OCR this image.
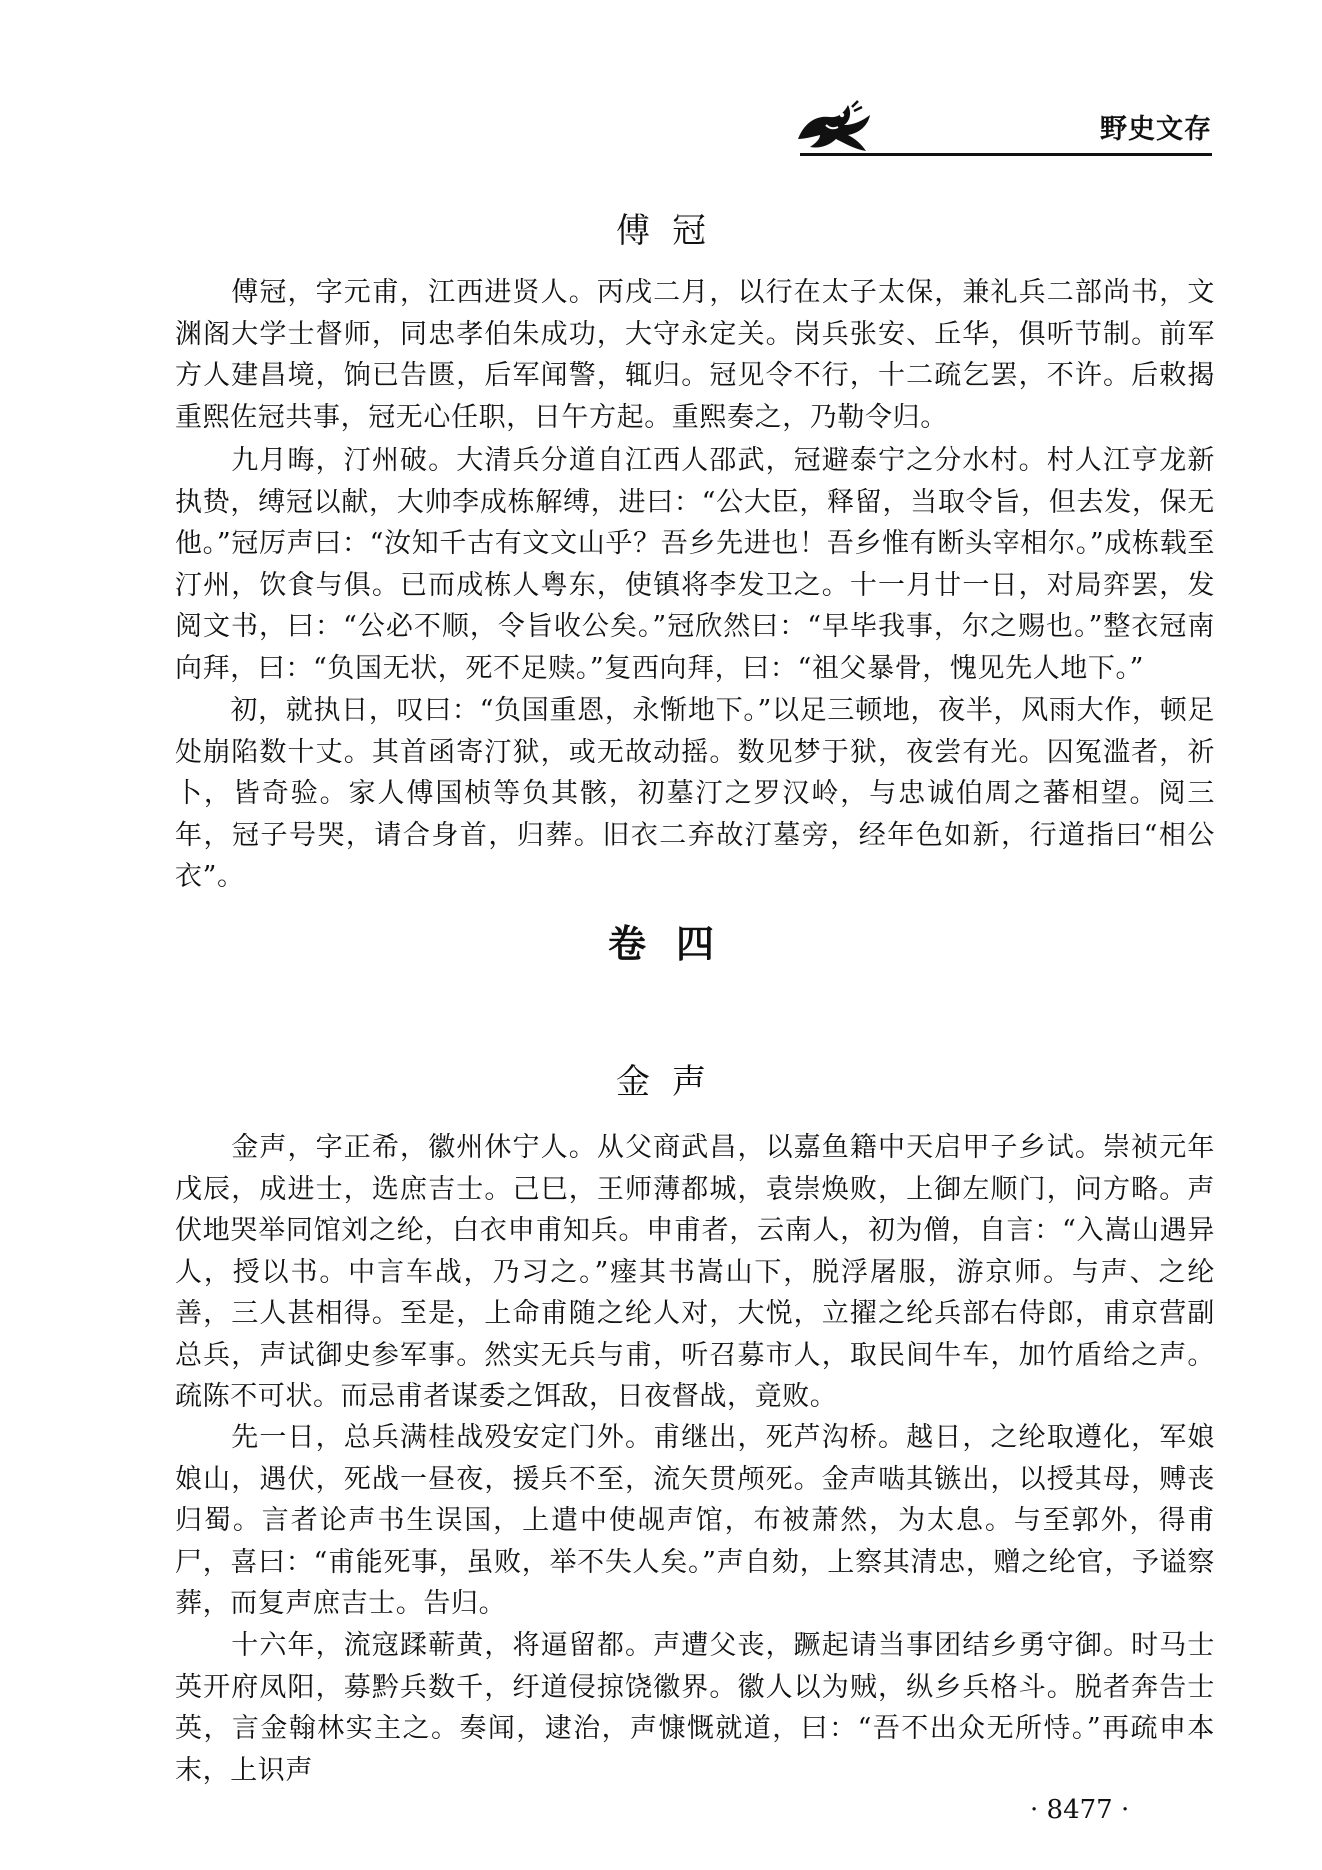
野史文存
傅冠

　　傅冠，字元甫，江西进贤人。丙戌二月，以行在太子太保，兼礼兵二部尚书，文渊阁大学士督师，同忠孝伯朱成功，大守永定关。岗兵张安、丘华，俱听节制。前军方人建昌境，饷已告匮，后军闻警，辄归。冠见令不行，十二疏乞罢，不许。后敕揭重熙佐冠共事，冠无心任职，日午方起。重熙奏之，乃勒令归。

　　九月晦，汀州破。大清兵分道自江西人邵武，冠避泰宁之分水村。村人江亨龙新执贽，缚冠以献，大帅李成栋解缚，进曰：“公大臣，释留，当取令旨，但去发，保无他。”冠厉声曰：“汝知千古有文文山乎？吾乡先进也！吾乡惟有断头宰相尔。”成栋载至汀州，饮食与俱。已而成栋人粤东，使镇将李发卫之。十一月廿一日，对局弈罢，发阅文书，曰：“公必不顺，令旨收公矣。”冠欣然曰：“早毕我事，尔之赐也。”整衣冠南向拜，曰：“负国无状，死不足赎。”复西向拜，曰：“祖父暴骨，愧见先人地下。”

　　初，就执日，叹曰：“负国重恩，永惭地下。”以足三顿地，夜半，风雨大作，顿足处崩陷数十丈。其首函寄汀狱，或无故动摇。数见梦于狱，夜尝有光。囚冤滥者，祈卜，皆奇验。家人傅国桢等负其骸，初墓汀之罗汉岭，与忠诚伯周之蕃相望。阅三年，冠子号哭，请合身首，归葬。旧衣二弃故汀墓旁，经年色如新，行道指曰“相公衣”。

卷四
金声

　　金声，字正希，徽州休宁人。从父商武昌，以嘉鱼籍中天启甲子乡试。崇祯元年戊辰，成进士，选庶吉士。己巳，王师薄都城，袁崇焕败，上御左顺门，问方略。声伏地哭举同馆刘之纶，白衣申甫知兵。申甫者，云南人，初为僧，自言：“入嵩山遇异人，授以书。中言车战，乃习之。”瘗其书嵩山下，脱浮屠服，游京师。与声、之纶善，三人甚相得。至是，上命甫随之纶人对，大悦，立擢之纶兵部右侍郎，甫京营副总兵，声试御史参军事。然实无兵与甫，听召募市人，取民间牛车，加竹盾给之声。疏陈不可状。而忌甫者谋委之饵敌，日夜督战，竟败。

　　先一日，总兵满桂战殁安定门外。甫继出，死芦沟桥。越日，之纶取遵化，军娘娘山，遇伏，死战一昼夜，援兵不至，流矢贯颅死。金声啮其镞出，以授其母，赙丧归蜀。言者论声书生误国，上遣中使觇声馆，布被萧然，为太息。与至郭外，得甫尸，喜曰：“甫能死事，虽败，举不失人矣。”声自劾，上察其清忠，赠之纶官，予谥察葬，而复声庶吉士。告归。

　　十六年，流寇蹂蕲黄，将逼留都。声遭父丧，蹶起请当事团结乡勇守御。时马士英开府凤阳，募黔兵数千，纡道侵掠饶徽界。徽人以为贼，纵乡兵格斗。脱者奔告士英，言金翰林实主之。奏闻，逮治，声慷慨就道，曰：“吾不出众无所恃。”再疏申本末，上识声

· 8477 ·
